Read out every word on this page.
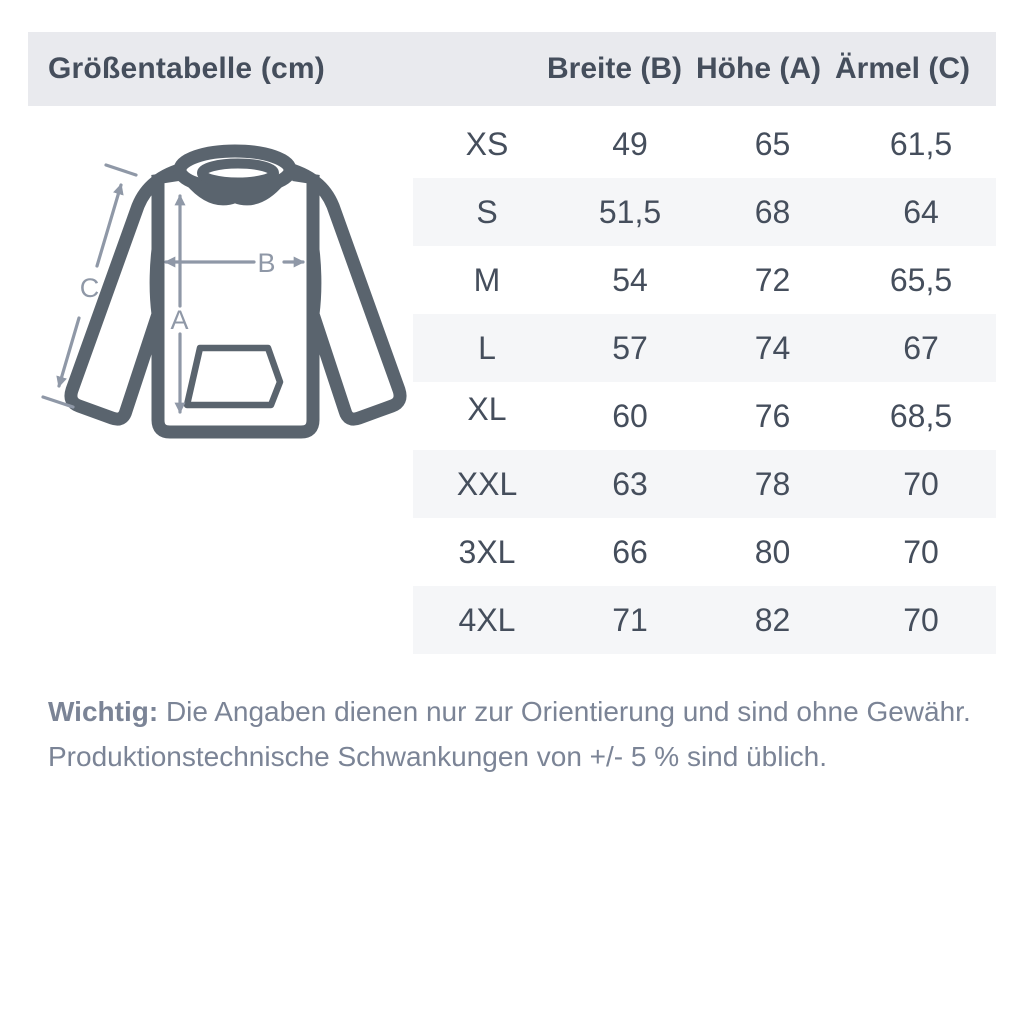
Größentabelle (cm)	Breite (B) Höhe (A) Ärmel (C)
A
B
C
XS	49	65	61,5
S	51,5	68	64
M	54	72	65,5
L	57	74	67
XL	60	76	68,5
XXL	63	78	70
3XL	66	80	70
4XL	71	82	70

Wichtig: Die Angaben dienen nur zur Orientierung und sind ohne Gewähr.
Produktionstechnische Schwankungen von +/- 5 % sind üblich.
